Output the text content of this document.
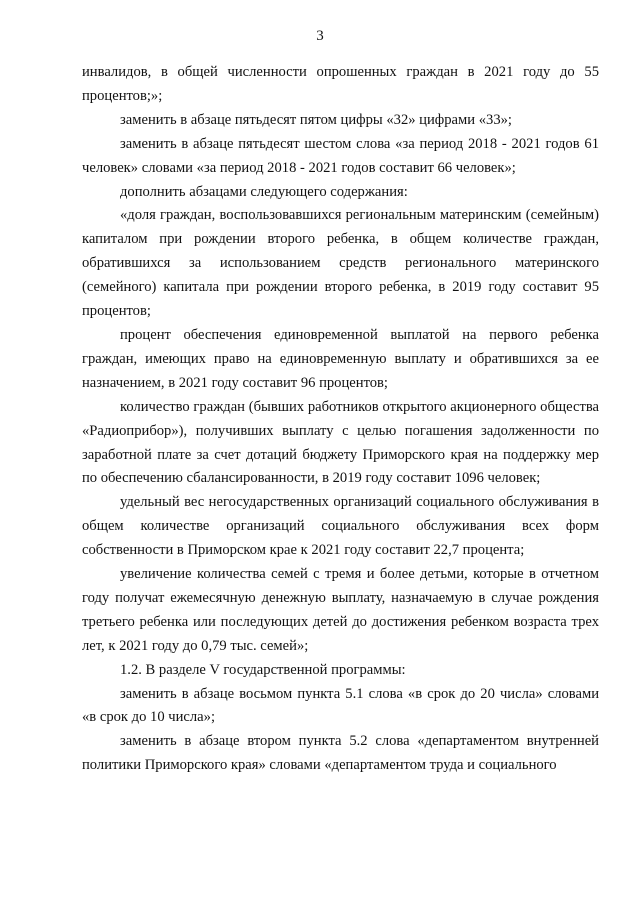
3

инвалидов, в общей численности опрошенных граждан в 2021 году до 55 процентов;»;

заменить в абзаце пятьдесят пятом цифры «32» цифрами «33»;

заменить в абзаце пятьдесят шестом слова «за период 2018 - 2021 годов 61 человек» словами «за период 2018 - 2021 годов составит 66 человек»;

дополнить абзацами следующего содержания:

«доля граждан, воспользовавшихся региональным материнским (семейным) капиталом при рождении второго ребенка, в общем количестве граждан, обратившихся за использованием средств регионального материнского (семейного) капитала при рождении второго ребенка, в 2019 году составит 95 процентов;

процент обеспечения единовременной выплатой на первого ребенка граждан, имеющих право на единовременную выплату и обратившихся за ее назначением, в 2021 году составит 96 процентов;

количество граждан (бывших работников открытого акционерного общества «Радиоприбор»), получивших выплату с целью погашения задолженности по заработной плате за счет дотаций бюджету Приморского края на поддержку мер по обеспечению сбалансированности, в 2019 году составит 1096 человек;

удельный вес негосударственных организаций социального обслуживания в общем количестве организаций социального обслуживания всех форм собственности в Приморском крае к 2021 году составит 22,7 процента;

увеличение количества семей с тремя и более детьми, которые в отчетном году получат ежемесячную денежную выплату, назначаемую в случае рождения третьего ребенка или последующих детей до достижения ребенком возраста трех лет, к 2021 году до 0,79 тыс. семей»;

1.2. В разделе V государственной программы:

заменить в абзаце восьмом пункта 5.1 слова «в срок до 20 числа» словами «в срок до 10 числа»;

заменить в абзаце втором пункта 5.2 слова «департаментом внутренней политики Приморского края» словами «департаментом труда и социального
